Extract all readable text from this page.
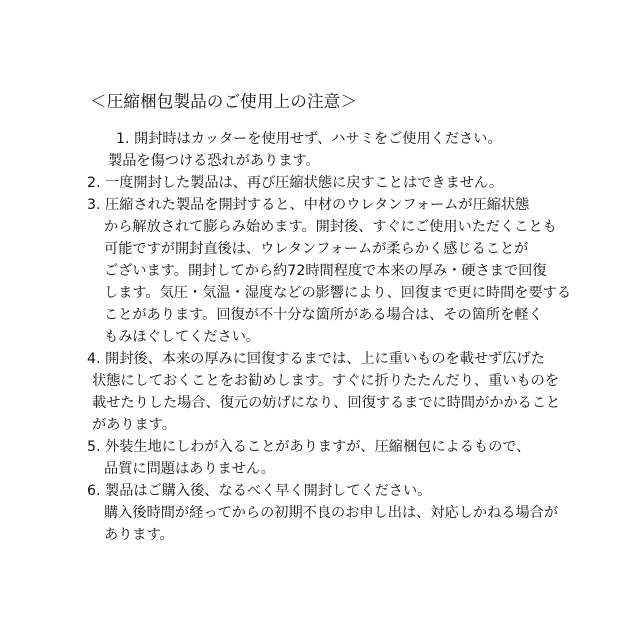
＜圧縮梱包製品のご使用上の注意＞
1. 開封時はカッターを使用せず、ハサミをご使用ください。
製品を傷つける恐れがあります。
2. 一度開封した製品は、再び圧縮状態に戻すことはできません。
3. 圧縮された製品を開封すると、中材のウレタンフォームが圧縮状態
から解放されて膨らみ始めます。開封後、すぐにご使用いただくことも
可能ですが開封直後は、ウレタンフォームが柔らかく感じることが
ございます。開封してから約72時間程度で本来の厚み・硬さまで回復
します。気圧・気温・湿度などの影響により、回復まで更に時間を要する
ことがあります。回復が不十分な箇所がある場合は、その箇所を軽く
もみほぐしてください。
4. 開封後、本来の厚みに回復するまでは、上に重いものを載せず広げた
状態にしておくことをお勧めします。すぐに折りたたんだり、重いものを
載せたりした場合、復元の妨げになり、回復するまでに時間がかかること
があります。
5. 外装生地にしわが入ることがありますが、圧縮梱包によるもので、
品質に問題はありません。
6. 製品はご購入後、なるべく早く開封してください。
購入後時間が経ってからの初期不良のお申し出は、対応しかねる場合が
あります。
